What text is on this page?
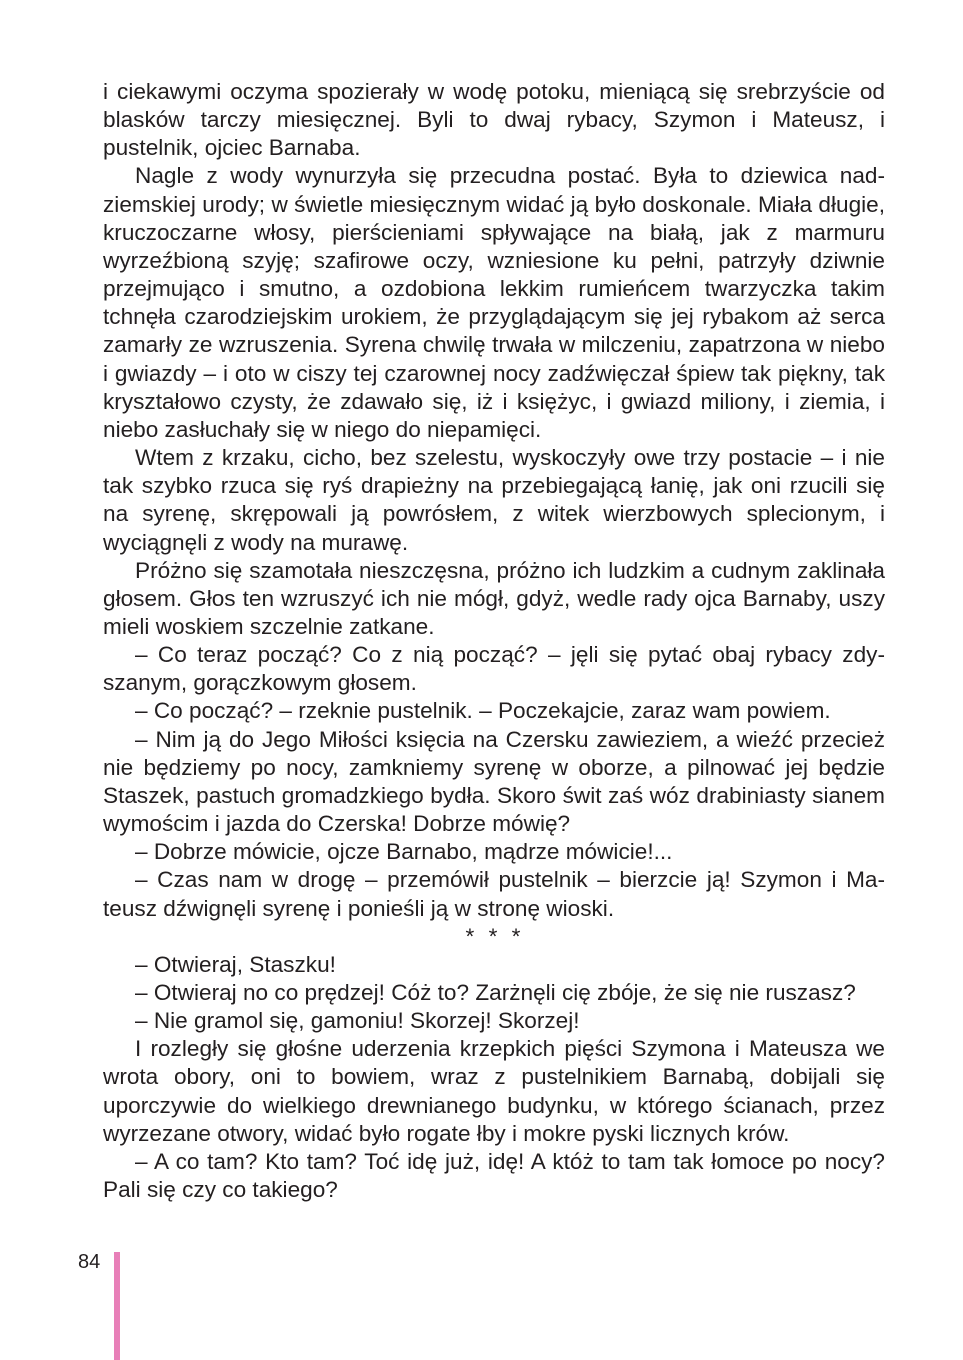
i ciekawymi oczyma spozierały w wodę potoku, mieniącą się srebrzyście od blasków tarczy miesięcznej. Byli to dwaj rybacy, Szymon i Mateusz, i pustelnik, ojciec Barnaba.

Nagle z wody wynurzyła się przecudna postać. Była to dziewica nadziemskiej urody; w świetle miesięcznym widać ją było doskonale. Miała długie, kruczoczarne włosy, pierścieniami spływające na białą, jak z marmuru wyrzeźbioną szyję; szafirowe oczy, wzniesione ku pełni, patrzyły dziwnie przejmująco i smutno, a ozdobiona lekkim rumieńcem twarzyczka takim tchnęła czarodziejskim urokiem, że przyglądającym się jej rybakom aż serca zamarły ze wzruszenia. Syrena chwilę trwała w milczeniu, zapatrzona w niebo i gwiazdy – i oto w ciszy tej czarownej nocy zadźwięczał śpiew tak piękny, tak kryształowo czysty, że zdawało się, iż i księżyc, i gwiazd miliony, i ziemia, i niebo zasłuchały się w niego do niepamięci.

Wtem z krzaku, cicho, bez szelestu, wyskoczyły owe trzy postacie – i nie tak szybko rzuca się ryś drapieżny na przebiegającą łanię, jak oni rzucili się na syrenę, skrępowali ją powrósłem, z witek wierzbowych splecionym, i wyciągnęli z wody na murawę.

Próżno się szamotała nieszczęsna, próżno ich ludzkim a cudnym zaklinała głosem. Głos ten wzruszyć ich nie mógł, gdyż, wedle rady ojca Barnaby, uszy mieli woskiem szczelnie zatkane.

– Co teraz począć? Co z nią począć? – jęli się pytać obaj rybacy zdyszanym, gorączkowym głosem.

– Co począć? – rzeknie pustelnik. – Poczekajcie, zaraz wam powiem.

– Nim ją do Jego Miłości księcia na Czersku zawieziem, a wieźć przecież nie będziemy po nocy, zamkniemy syrenę w oborze, a pilnować jej będzie Staszek, pastuch gromadzkiego bydła. Skoro świt zaś wóz drabiniasty sianem wymościm i jazda do Czerska! Dobrze mówię?

– Dobrze mówicie, ojcze Barnabo, mądrze mówicie!...

– Czas nam w drogę – przemówił pustelnik – bierzcie ją! Szymon i Mateusz dźwignęli syrenę i ponieśli ją w stronę wioski.

* * *

– Otwieraj, Staszku!

– Otwieraj no co prędzej! Cóż to? Zarżnęli cię zbóje, że się nie ruszasz?

– Nie gramol się, gamoniu! Skorzej! Skorzej!

I rozległy się głośne uderzenia krzepkich pięści Szymona i Mateusza we wrota obory, oni to bowiem, wraz z pustelnikiem Barnabą, dobijali się uporczywie do wielkiego drewnianego budynku, w którego ścianach, przez wyrzezane otwory, widać było rogate łby i mokre pyski licznych krów.

– A co tam? Kto tam? Toć idę już, idę! A któż to tam tak łomoce po nocy? Pali się czy co takiego?

84
